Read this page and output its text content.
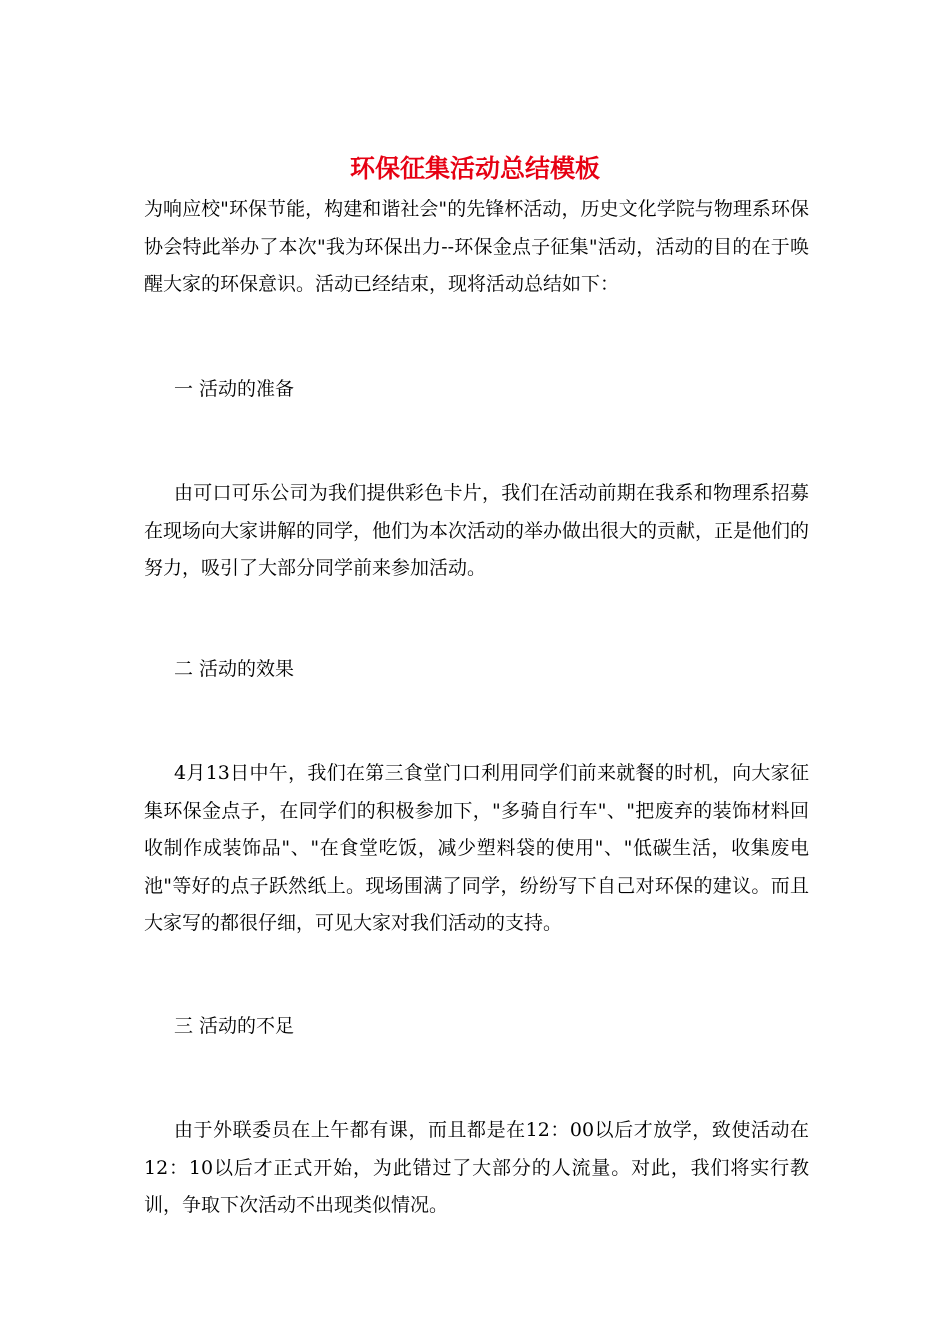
环保征集活动总结模板

为响应校"环保节能，构建和谐社会"的先锋杯活动，历史文化学院与物理系环保协会特此举办了本次"我为环保出力--环保金点子征集"活动，活动的目的在于唤醒大家的环保意识。活动已经结束，现将活动总结如下：

一 活动的准备

由可口可乐公司为我们提供彩色卡片，我们在活动前期在我系和物理系招募在现场向大家讲解的同学，他们为本次活动的举办做出很大的贡献，正是他们的努力，吸引了大部分同学前来参加活动。

二 活动的效果

4月13日中午，我们在第三食堂门口利用同学们前来就餐的时机，向大家征集环保金点子，在同学们的积极参加下，"多骑自行车"、"把废弃的装饰材料回收制作成装饰品"、"在食堂吃饭，减少塑料袋的使用"、"低碳生活，收集废电池"等好的点子跃然纸上。现场围满了同学，纷纷写下自己对环保的建议。而且大家写的都很仔细，可见大家对我们活动的支持。

三 活动的不足

由于外联委员在上午都有课，而且都是在12：00以后才放学，致使活动在12：10以后才正式开始，为此错过了大部分的人流量。对此，我们将实行教训，争取下次活动不出现类似情况。
